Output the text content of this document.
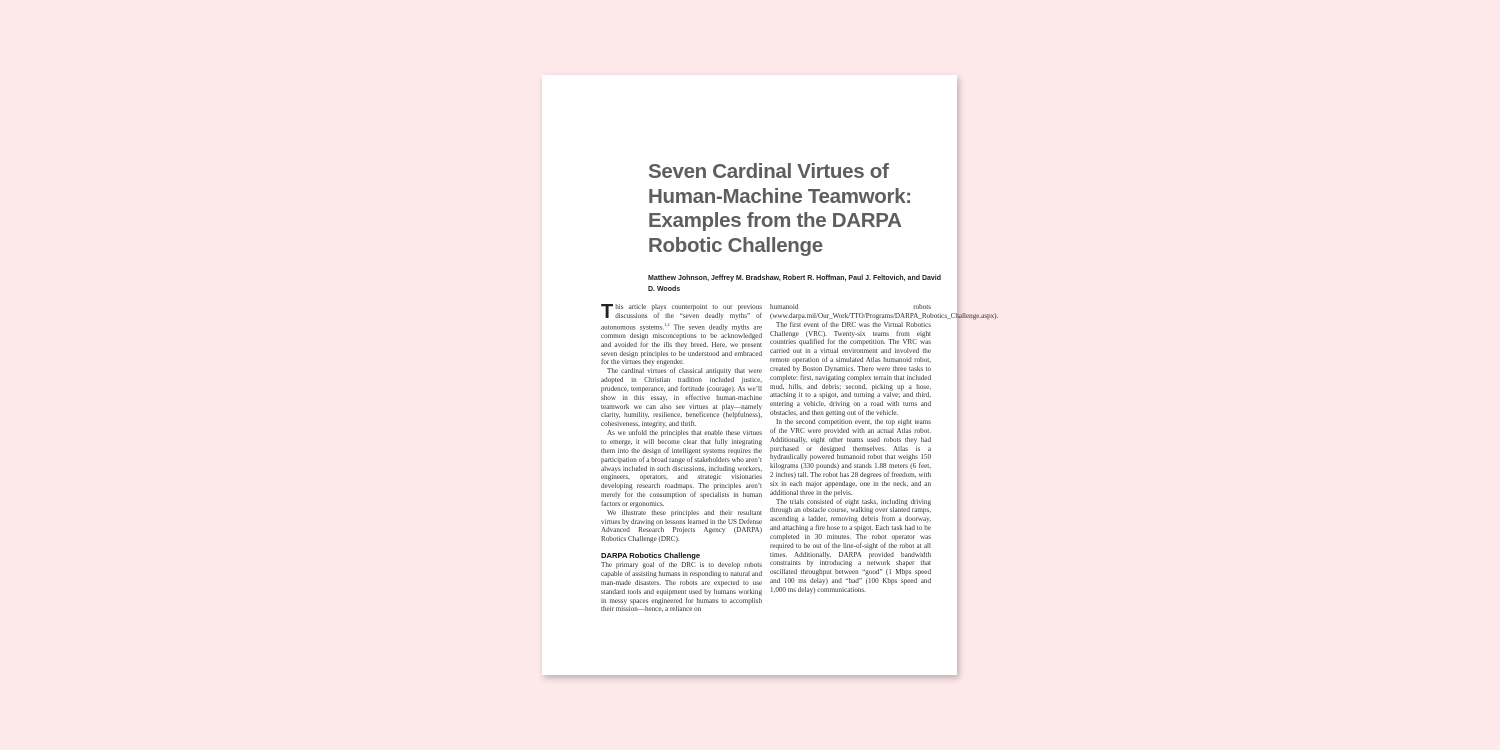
Seven Cardinal Virtues of Human-Machine Teamwork: Examples from the DARPA Robotic Challenge
Matthew Johnson, Jeffrey M. Bradshaw, Robert R. Hoffman, Paul J. Feltovich, and David D. Woods

This article plays counterpoint to our previous discussions of the “seven deadly myths” of autonomous systems.$^{1,2}$ The seven deadly myths are common design misconceptions to be acknowledged and avoided for the ills they breed. Here, we present seven design principles to be understood and embraced for the virtues they engender.

The cardinal virtues of classical antiquity that were adopted in Christian tradition included justice, prudence, temperance, and fortitude (courage). As we’ll show in this essay, in effective human-machine teamwork we can also see virtues at play—namely clarity, humility, resilience, beneficence (helpfulness), cohesiveness, integrity, and thrift.

As we unfold the principles that enable these virtues to emerge, it will become clear that fully integrating them into the design of intelligent systems requires the participation of a broad range of stakeholders who aren’t always included in such discussions, including workers, engineers, operators, and strategic visionaries developing research roadmaps. The principles aren’t merely for the consumption of specialists in human factors or ergonomics.

We illustrate these principles and their resultant virtues by drawing on lessons learned in the US Defense Advanced Research Projects Agency (DARPA) Robotics Challenge (DRC).

DARPA Robotics Challenge

The primary goal of the DRC is to develop robots capable of assisting humans in responding to natural and man-made disasters. The robots are expected to use standard tools and equipment used by humans working in messy spaces engineered for humans to accomplish their mission—hence, a reliance on

humanoid robots (www.darpa.mil/Our_Work/TTO/Programs/DARPA_Robotics_Challenge.aspx).

The first event of the DRC was the Virtual Robotics Challenge (VRC). Twenty-six teams from eight countries qualified for the competition. The VRC was carried out in a virtual environment and involved the remote operation of a simulated Atlas humanoid robot, created by Boston Dynamics. There were three tasks to complete: first, navigating complex terrain that included mud, hills, and debris; second, picking up a hose, attaching it to a spigot, and turning a valve; and third, entering a vehicle, driving on a road with turns and obstacles, and then getting out of the vehicle.

In the second competition event, the top eight teams of the VRC were provided with an actual Atlas robot. Additionally, eight other teams used robots they had purchased or designed themselves. Atlas is a hydraulically powered humanoid robot that weighs 150 kilograms (330 pounds) and stands 1.88 meters (6 feet, 2 inches) tall. The robot has 28 degrees of freedom, with six in each major appendage, one in the neck, and an additional three in the pelvis.

The trials consisted of eight tasks, including driving through an obstacle course, walking over slanted ramps, ascending a ladder, removing debris from a doorway, and attaching a fire hose to a spigot. Each task had to be completed in 30 minutes. The robot operator was required to be out of the line-of-sight of the robot at all times. Additionally, DARPA provided bandwidth constraints by introducing a network shaper that oscillated throughput between “good” (1 Mbps speed and 100 ms delay) and “bad” (100 Kbps speed and 1,000 ms delay) communications.
